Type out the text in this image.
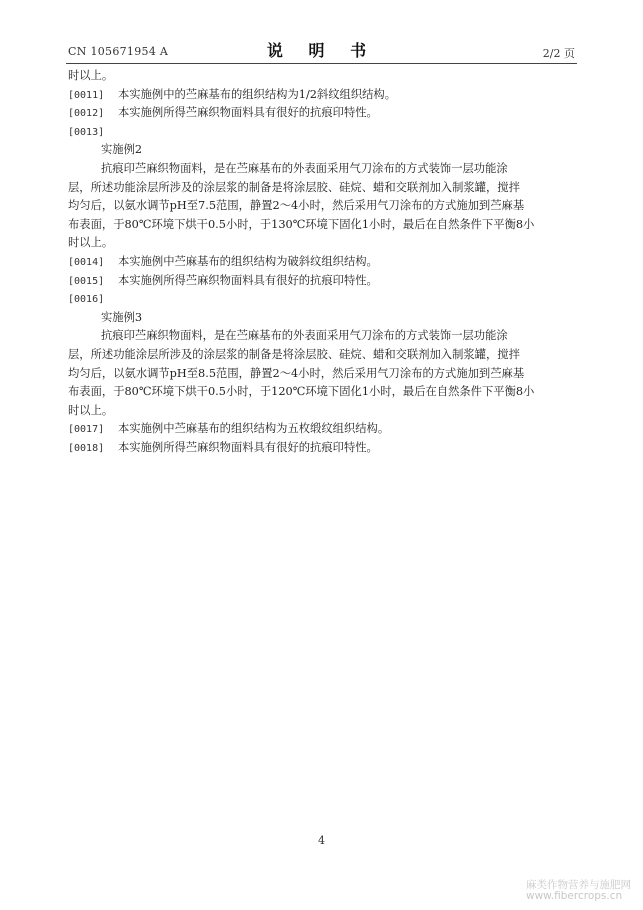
CN 105671954 A	说 明 书	2/2 页
时以上。
[0011] 本实施例中的苎麻基布的组织结构为1/2斜纹组织结构。
[0012] 本实施例所得苎麻织物面料具有很好的抗痕印特性。
[0013]
实施例2
抗痕印苎麻织物面料，是在苎麻基布的外表面采用气刀涂布的方式装饰一层功能涂
层，所述功能涂层所涉及的涂层浆的制备是将涂层胶、硅烷、蜡和交联剂加入制浆罐，搅拌
均匀后，以氨水调节pH至7.5范围，静置2～4小时，然后采用气刀涂布的方式施加到苎麻基
布表面，于80℃环境下烘干0.5小时，于130℃环境下固化1小时，最后在自然条件下平衡8小
时以上。
[0014] 本实施例中苎麻基布的组织结构为破斜纹组织结构。
[0015] 本实施例所得苎麻织物面料具有很好的抗痕印特性。
[0016]
实施例3
抗痕印苎麻织物面料，是在苎麻基布的外表面采用气刀涂布的方式装饰一层功能涂
层，所述功能涂层所涉及的涂层浆的制备是将涂层胶、硅烷、蜡和交联剂加入制浆罐，搅拌
均匀后，以氨水调节pH至8.5范围，静置2～4小时，然后采用气刀涂布的方式施加到苎麻基
布表面，于80℃环境下烘干0.5小时，于120℃环境下固化1小时，最后在自然条件下平衡8小
时以上。
[0017] 本实施例中苎麻基布的组织结构为五枚缎纹组织结构。
[0018] 本实施例所得苎麻织物面料具有很好的抗痕印特性。
4
麻类作物营养与施肥网
www.fibercrops.cn
